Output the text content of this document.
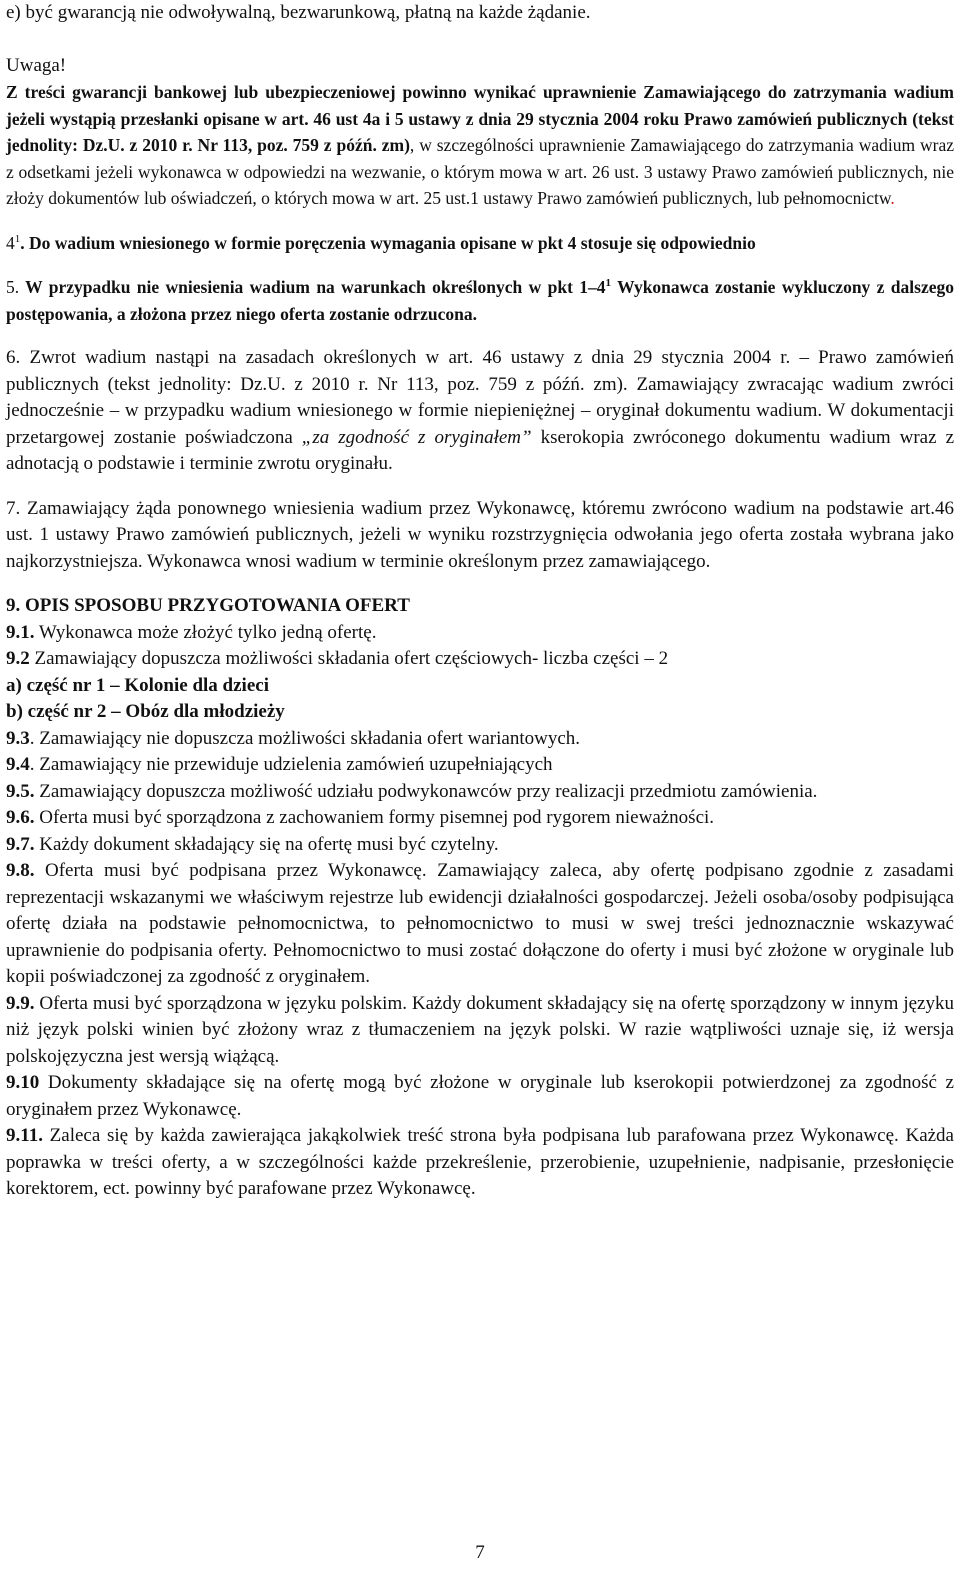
e) być gwarancją nie odwoływalną, bezwarunkową, płatną na każde żądanie.

Uwaga!

Z treści gwarancji bankowej lub ubezpieczeniowej powinno wynikać uprawnienie Zamawiającego do zatrzymania wadium jeżeli wystąpią przesłanki opisane w art. 46 ust 4a i 5 ustawy z dnia 29 stycznia 2004 roku Prawo zamówień publicznych (tekst jednolity: Dz.U. z 2010 r. Nr 113, poz. 759 z późń. zm), w szczególności uprawnienie Zamawiającego do zatrzymania wadium wraz z odsetkami jeżeli wykonawca w odpowiedzi na wezwanie, o którym mowa w art. 26 ust. 3 ustawy Prawo zamówień publicznych, nie złoży dokumentów lub oświadczeń, o których mowa w art. 25 ust.1 ustawy Prawo zamówień publicznych, lub pełnomocnictw.

$4^1$. Do wadium wniesionego w formie poręczenia wymagania opisane w pkt 4 stosuje się odpowiednio

5. W przypadku nie wniesienia wadium na warunkach określonych w pkt $1-4^1$ Wykonawca zostanie wykluczony z dalszego postępowania, a złożona przez niego oferta zostanie odrzucona.

6. Zwrot wadium nastąpi na zasadach określonych w art. 46 ustawy z dnia 29 stycznia 2004 r. – Prawo zamówień publicznych (tekst jednolity: Dz.U. z 2010 r. Nr 113, poz. 759 z późń. zm). Zamawiający zwracając wadium zwróci jednocześnie – w przypadku wadium wniesionego w formie niepieniężnej – oryginał dokumentu wadium. W dokumentacji przetargowej zostanie poświadczona „za zgodność z oryginałem” kserokopia zwróconego dokumentu wadium wraz z adnotacją o podstawie i terminie zwrotu oryginału.

7. Zamawiający żąda ponownego wniesienia wadium przez Wykonawcę, któremu zwrócono wadium na podstawie art.46 ust. 1 ustawy Prawo zamówień publicznych, jeżeli w wyniku rozstrzygnięcia odwołania jego oferta została wybrana jako najkorzystniejsza. Wykonawca wnosi wadium w terminie określonym przez zamawiającego.

9. OPIS SPOSOBU PRZYGOTOWANIA OFERT

9.1. Wykonawca może złożyć tylko jedną ofertę.

9.2 Zamawiający dopuszcza możliwości składania ofert częściowych- liczba części – 2

a) część nr 1 – Kolonie dla dzieci

b) część nr 2 – Obóz dla młodzieży

9.3. Zamawiający nie dopuszcza możliwości składania ofert wariantowych.

9.4. Zamawiający nie przewiduje udzielenia zamówień uzupełniających

9.5. Zamawiający dopuszcza możliwość udziału podwykonawców przy realizacji przedmiotu zamówienia.

9.6. Oferta musi być sporządzona z zachowaniem formy pisemnej pod rygorem nieważności.

9.7. Każdy dokument składający się na ofertę musi być czytelny.

9.8. Oferta musi być podpisana przez Wykonawcę. Zamawiający zaleca, aby ofertę podpisano zgodnie z zasadami reprezentacji wskazanymi we właściwym rejestrze lub ewidencji działalności gospodarczej. Jeżeli osoba/osoby podpisująca ofertę działa na podstawie pełnomocnictwa, to pełnomocnictwo to musi w swej treści jednoznacznie wskazywać uprawnienie do podpisania oferty. Pełnomocnictwo to musi zostać dołączone do oferty i musi być złożone w oryginale lub kopii poświadczonej za zgodność z oryginałem.

9.9. Oferta musi być sporządzona w języku polskim. Każdy dokument składający się na ofertę sporządzony w innym języku niż język polski winien być złożony wraz z tłumaczeniem na język polski. W razie wątpliwości uznaje się, iż wersja polskojęzyczna jest wersją wiążącą.

9.10 Dokumenty składające się na ofertę mogą być złożone w oryginale lub kserokopii potwierdzonej za zgodność z oryginałem przez Wykonawcę.

9.11. Zaleca się by każda zawierająca jakąkolwiek treść strona była podpisana lub parafowana przez Wykonawcę. Każda poprawka w treści oferty, a w szczególności każde przekreślenie, przerobienie, uzupełnienie, nadpisanie, przesłonięcie korektorem, ect. powinny być parafowane przez Wykonawcę.

7
